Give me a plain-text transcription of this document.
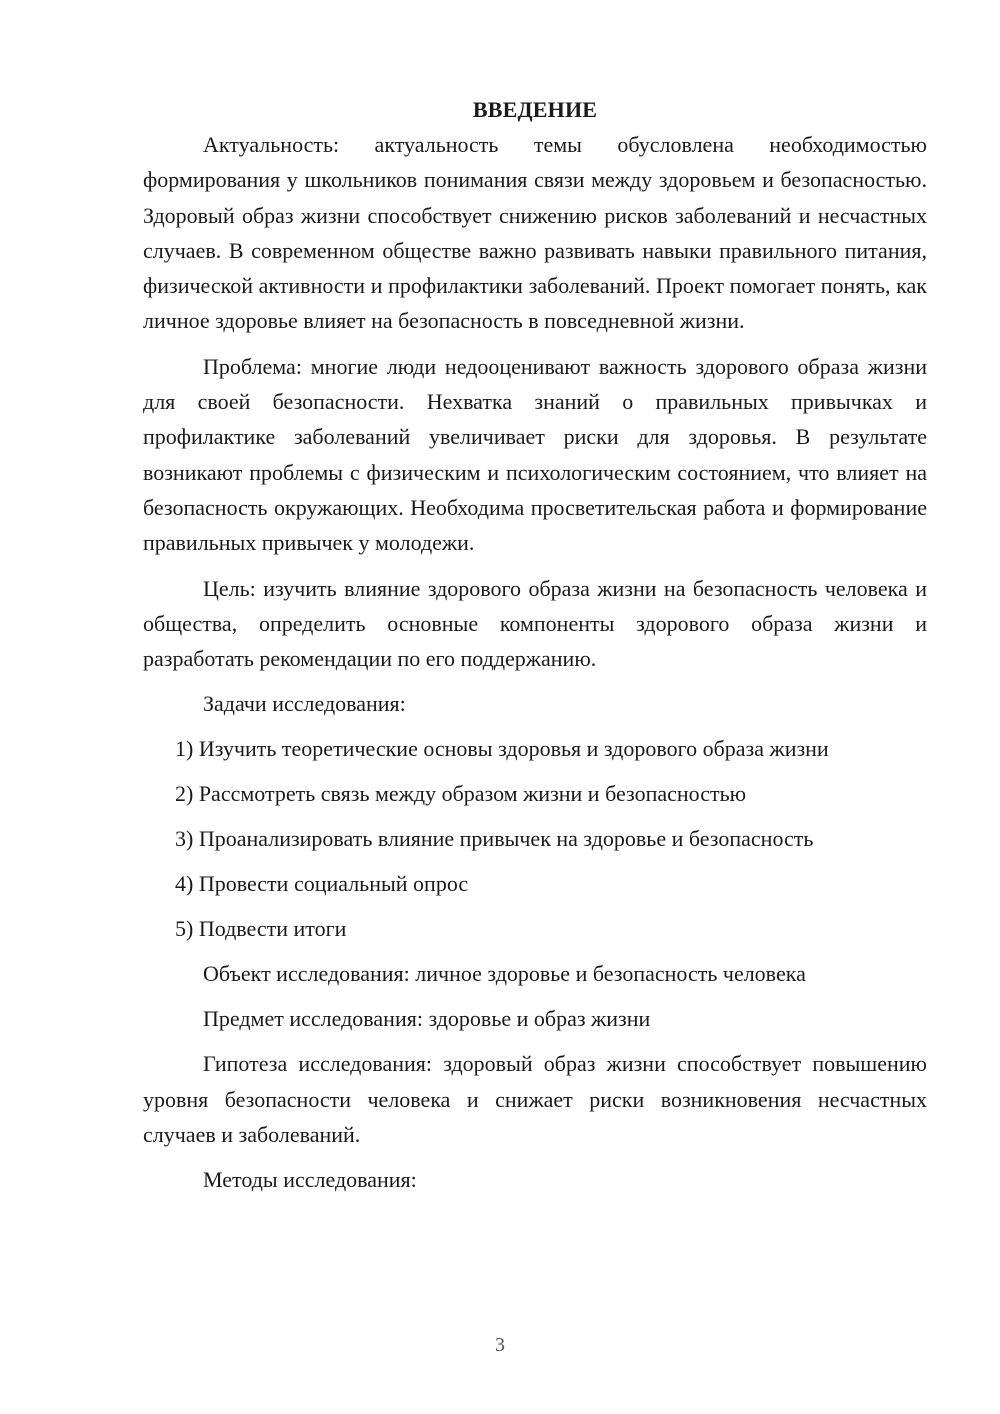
ВВЕДЕНИЕ

Актуальность: актуальность темы обусловлена необходимостью формирования у школьников понимания связи между здоровьем и безопасностью. Здоровый образ жизни способствует снижению рисков заболеваний и несчастных случаев. В современном обществе важно развивать навыки правильного питания, физической активности и профилактики заболеваний. Проект помогает понять, как личное здоровье влияет на безопасность в повседневной жизни.

Проблема: многие люди недооценивают важность здорового образа жизни для своей безопасности. Нехватка знаний о правильных привычках и профилактике заболеваний увеличивает риски для здоровья. В результате возникают проблемы с физическим и психологическим состоянием, что влияет на безопасность окружающих. Необходима просветительская работа и формирование правильных привычек у молодежи.

Цель: изучить влияние здорового образа жизни на безопасность человека и общества, определить основные компоненты здорового образа жизни и разработать рекомендации по его поддержанию.

Задачи исследования:
1) Изучить теоретические основы здоровья и здорового образа жизни
2) Рассмотреть связь между образом жизни и безопасностью
3) Проанализировать влияние привычек на здоровье и безопасность
4) Провести социальный опрос
5) Подвести итоги
Объект исследования: личное здоровье и безопасность человека
Предмет исследования: здоровье и образ жизни

Гипотеза исследования: здоровый образ жизни способствует повышению уровня безопасности человека и снижает риски возникновения несчастных случаев и заболеваний.

Методы исследования:
3
